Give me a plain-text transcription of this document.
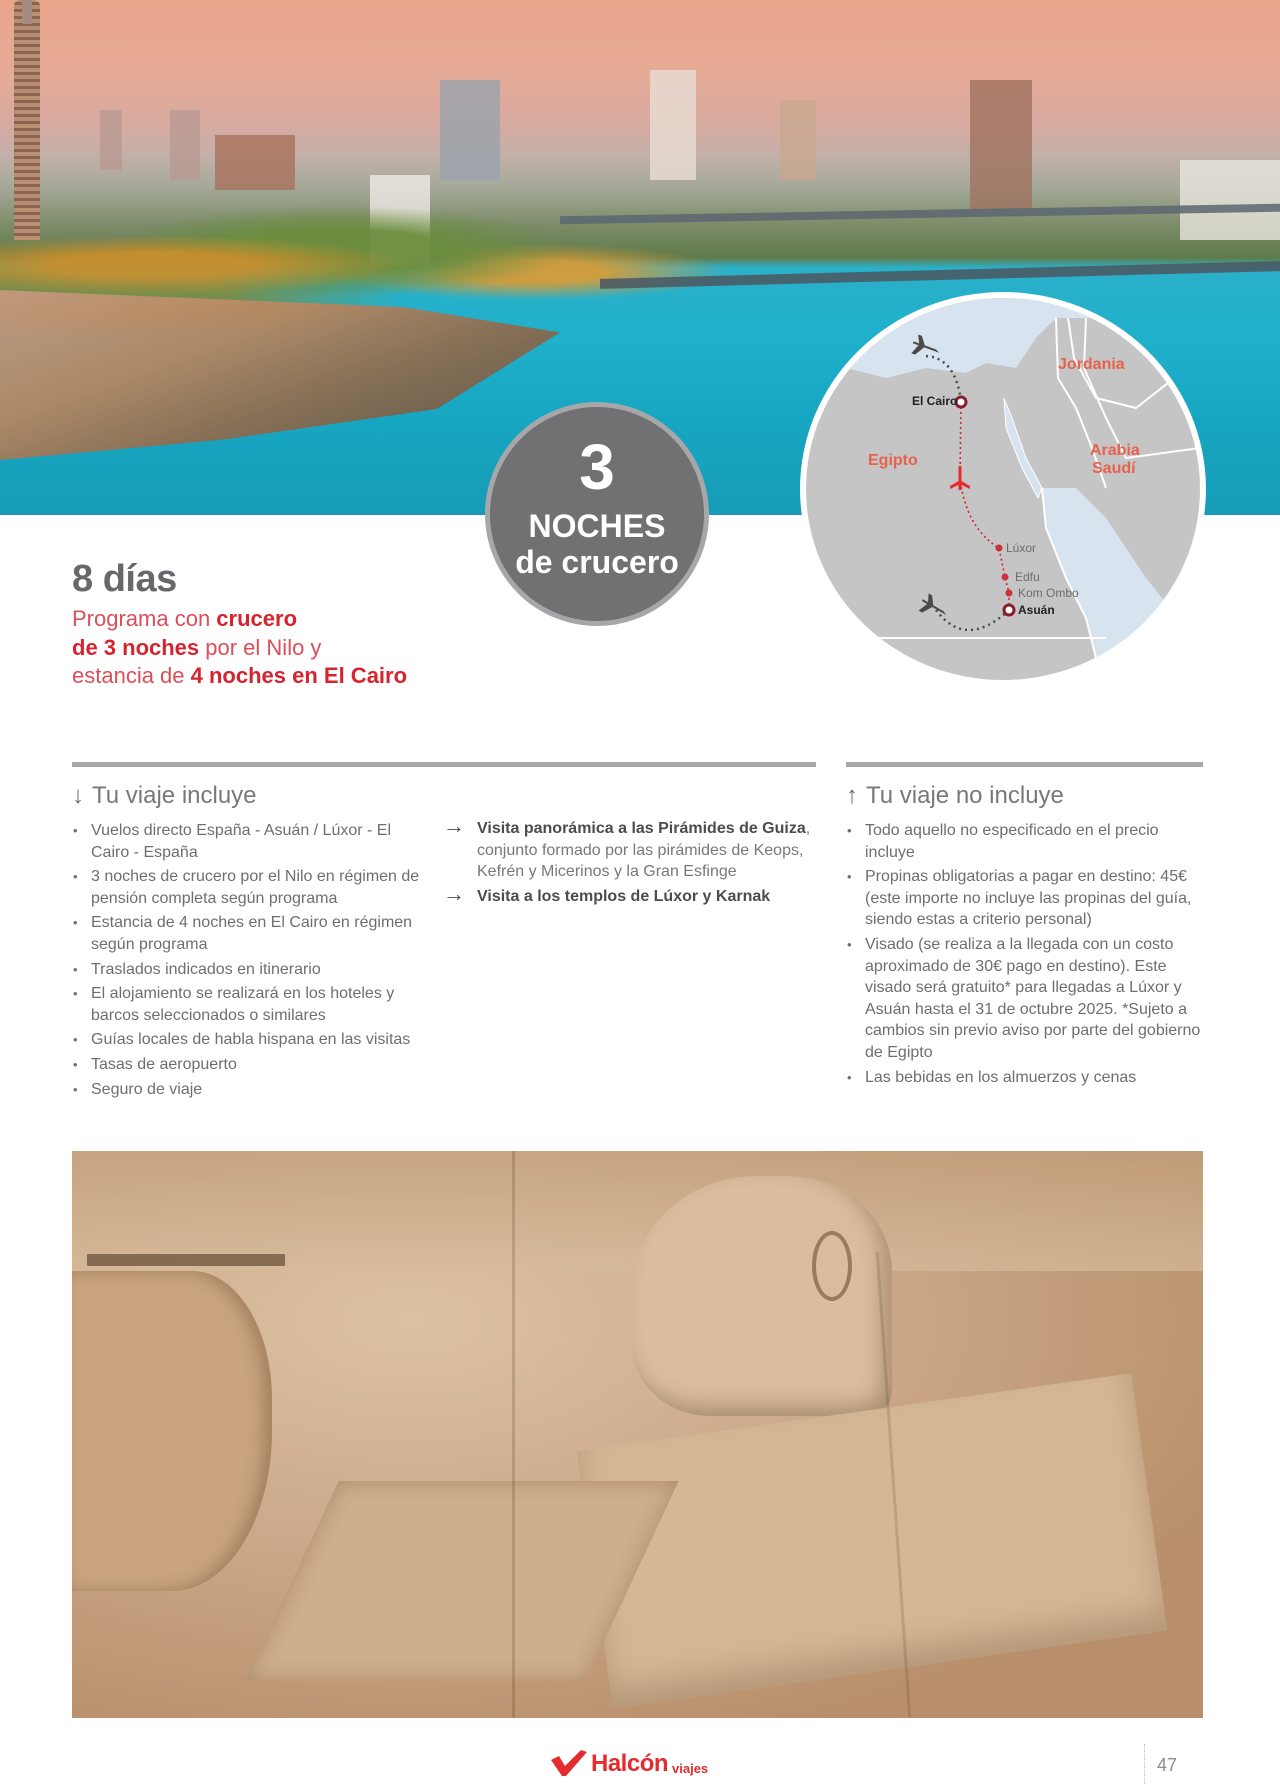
3
NOCHES
de crucero
Jordania
Arabia
Saudí
Egipto
El Cairo
Lúxor
Edfu
Kom Ombo
Asuán
8 días
Programa con crucero
de 3 noches por el Nilo y
estancia de 4 noches en El Cairo
↓ Tu viaje incluye
• Vuelos directo España - Asuán / Lúxor - El Cairo - España
• 3 noches de crucero por el Nilo en régimen de pensión completa según programa
• Estancia de 4 noches en El Cairo en régimen según programa
• Traslados indicados en itinerario
• El alojamiento se realizará en los hoteles y barcos seleccionados o similares
• Guías locales de habla hispana en las visitas
• Tasas de aeropuerto
• Seguro de viaje
→ Visita panorámica a las Pirámides de Guiza, conjunto formado por las pirámides de Keops, Kefrén y Micerinos y la Gran Esfinge
→ Visita a los templos de Lúxor y Karnak
↑ Tu viaje no incluye
• Todo aquello no especificado en el precio incluye
• Propinas obligatorias a pagar en destino: 45€ (este importe no incluye las propinas del guía, siendo estas a criterio personal)
• Visado (se realiza a la llegada con un costo aproximado de 30€ pago en destino). Este visado será gratuito* para llegadas a Lúxor y Asuán hasta el 31 de octubre 2025. *Sujeto a cambios sin previo aviso por parte del gobierno de Egipto
• Las bebidas en los almuerzos y cenas
Halcón viajes	47
